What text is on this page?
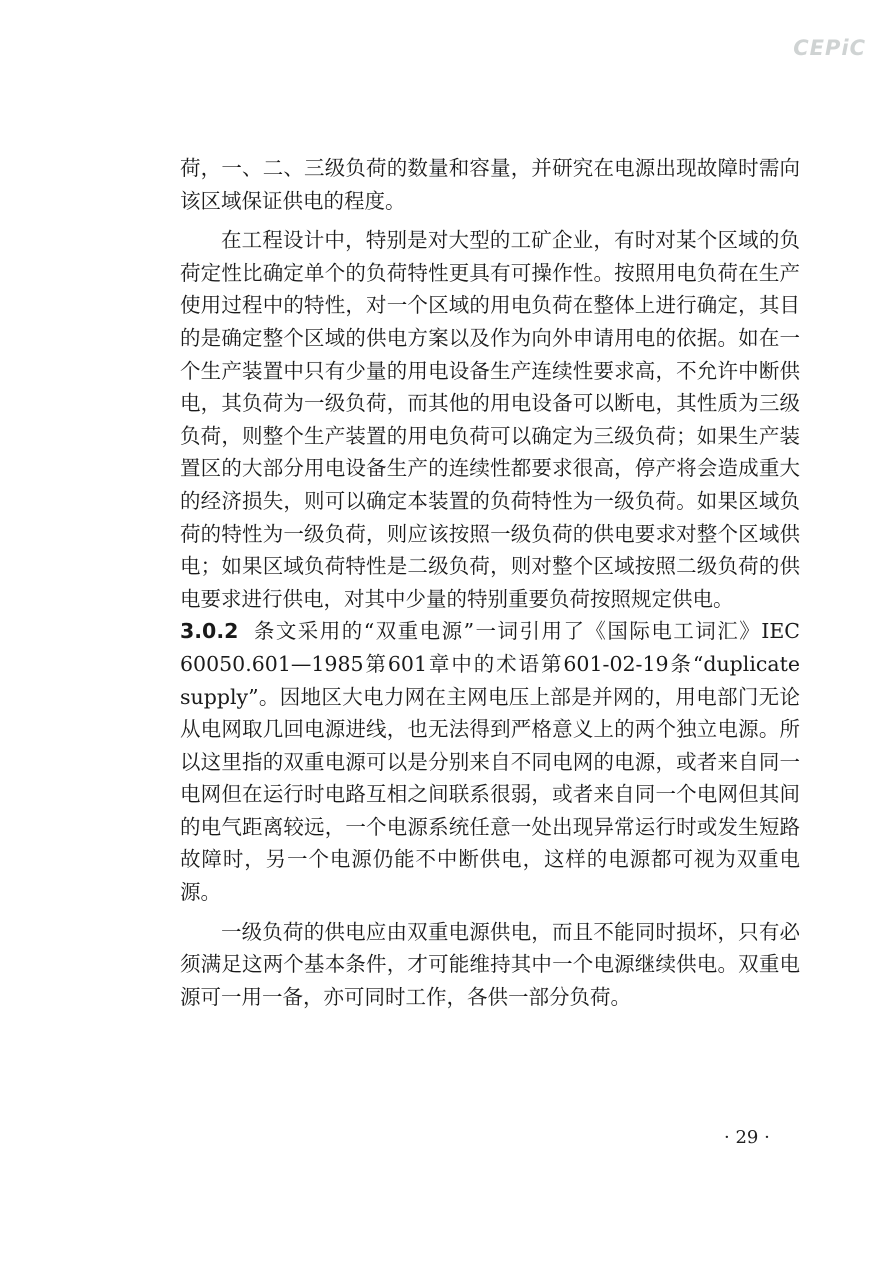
CEPiC

荷，一、二、三级负荷的数量和容量，并研究在电源出现故障时需向该区域保证供电的程度。

在工程设计中，特别是对大型的工矿企业，有时对某个区域的负荷定性比确定单个的负荷特性更具有可操作性。按照用电负荷在生产使用过程中的特性，对一个区域的用电负荷在整体上进行确定，其目的是确定整个区域的供电方案以及作为向外申请用电的依据。如在一个生产装置中只有少量的用电设备生产连续性要求高，不允许中断供电，其负荷为一级负荷，而其他的用电设备可以断电，其性质为三级负荷，则整个生产装置的用电负荷可以确定为三级负荷；如果生产装置区的大部分用电设备生产的连续性都要求很高，停产将会造成重大的经济损失，则可以确定本装置的负荷特性为一级负荷。如果区域负荷的特性为一级负荷，则应该按照一级负荷的供电要求对整个区域供电；如果区域负荷特性是二级负荷，则对整个区域按照二级负荷的供电要求进行供电，对其中少量的特别重要负荷按照规定供电。

3.0.2 条文采用的“双重电源”一词引用了《国际电工词汇》IEC 60050.601—1985第601章中的术语第601-02-19条“duplicate supply”。因地区大电力网在主网电压上部是并网的，用电部门无论从电网取几回电源进线，也无法得到严格意义上的两个独立电源。所以这里指的双重电源可以是分别来自不同电网的电源，或者来自同一电网但在运行时电路互相之间联系很弱，或者来自同一个电网但其间的电气距离较远，一个电源系统任意一处出现异常运行时或发生短路故障时，另一个电源仍能不中断供电，这样的电源都可视为双重电源。

一级负荷的供电应由双重电源供电，而且不能同时损坏，只有必须满足这两个基本条件，才可能维持其中一个电源继续供电。双重电源可一用一备，亦可同时工作，各供一部分负荷。

· 29 ·
